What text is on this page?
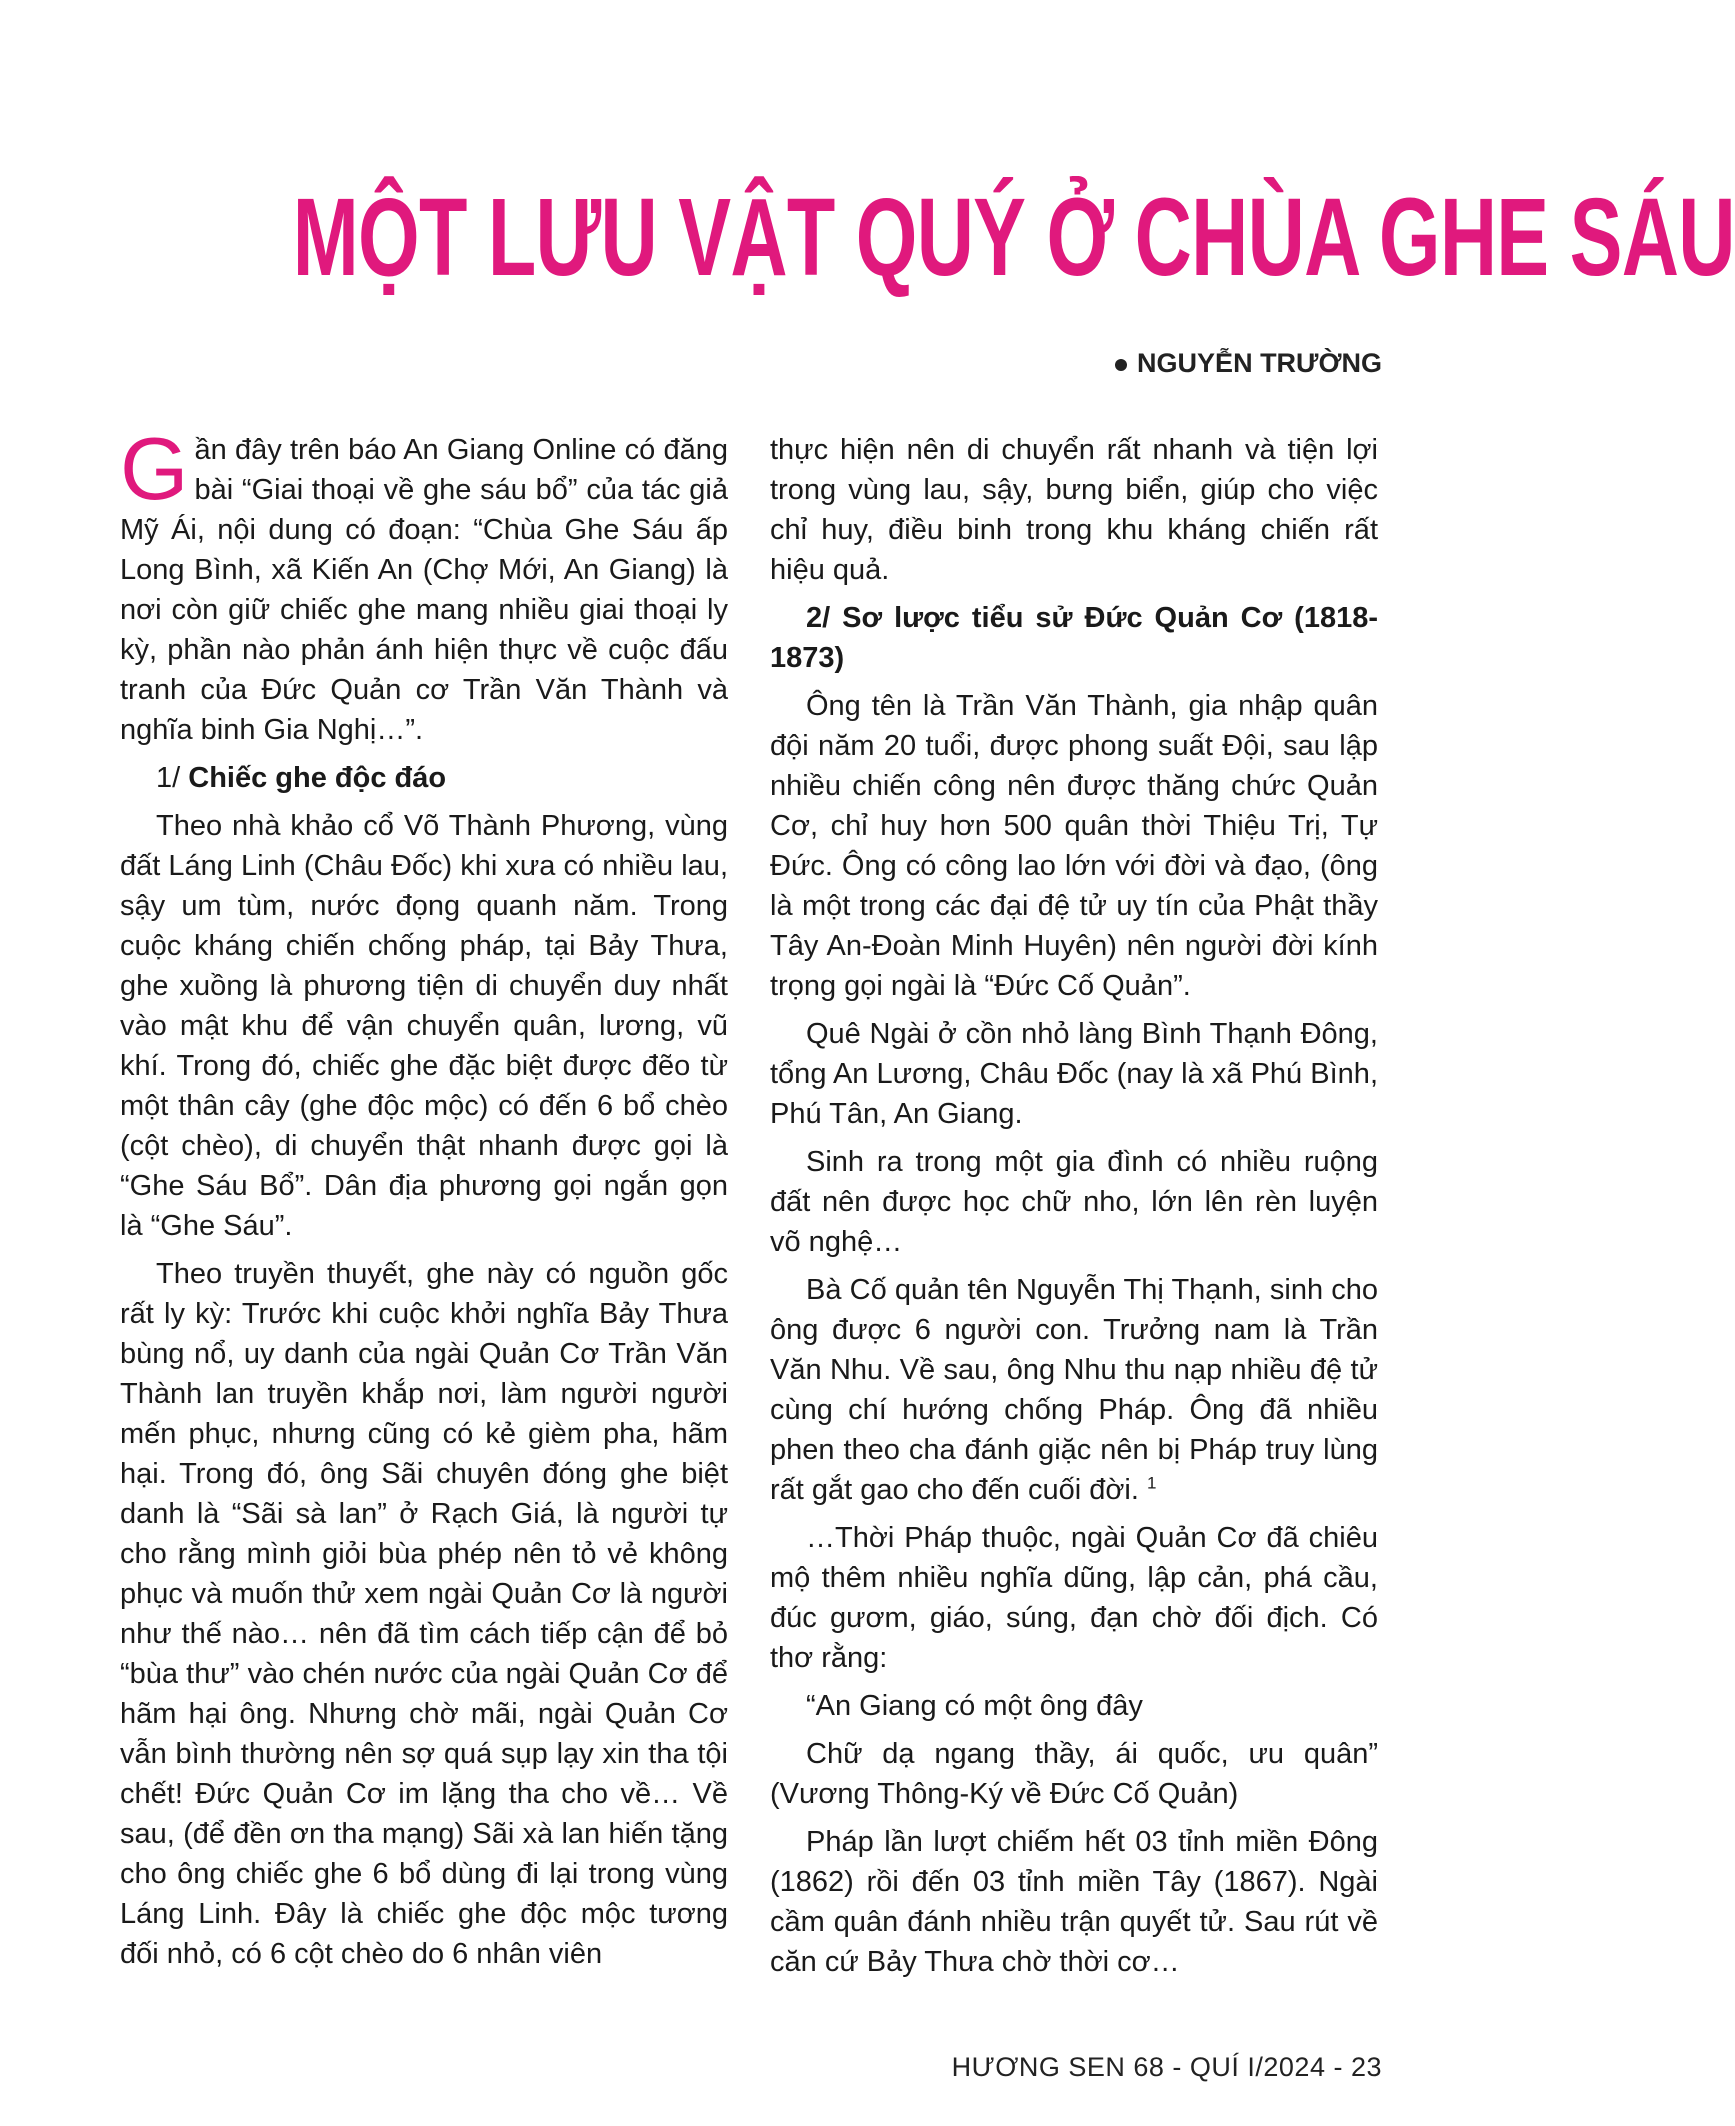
MỘT LƯU VẬT QUÝ Ở CHÙA GHE SÁU
NGUYỄN TRƯỜNG

Gần đây trên báo An Giang Online có đăng bài “Giai thoại về ghe sáu bổ” của tác giả Mỹ Ái, nội dung có đoạn: “Chùa Ghe Sáu ấp Long Bình, xã Kiến An (Chợ Mới, An Giang) là nơi còn giữ chiếc ghe mang nhiều giai thoại ly kỳ, phần nào phản ánh hiện thực về cuộc đấu tranh của Đức Quản cơ Trần Văn Thành và nghĩa binh Gia Nghị…”.

1/ Chiếc ghe độc đáo

Theo nhà khảo cổ Võ Thành Phương, vùng đất Láng Linh (Châu Đốc) khi xưa có nhiều lau, sậy um tùm, nước đọng quanh năm. Trong cuộc kháng chiến chống pháp, tại Bảy Thưa, ghe xuồng là phương tiện di chuyển duy nhất vào mật khu để vận chuyển quân, lương, vũ khí. Trong đó, chiếc ghe đặc biệt được đẽo từ một thân cây (ghe độc mộc) có đến 6 bổ chèo (cột chèo), di chuyển thật nhanh được gọi là “Ghe Sáu Bổ”. Dân địa phương gọi ngắn gọn là “Ghe Sáu”.

Theo truyền thuyết, ghe này có nguồn gốc rất ly kỳ: Trước khi cuộc khởi nghĩa Bảy Thưa bùng nổ, uy danh của ngài Quản Cơ Trần Văn Thành lan truyền khắp nơi, làm người người mến phục, nhưng cũng có kẻ gièm pha, hãm hại. Trong đó, ông Sãi chuyên đóng ghe biệt danh là “Sãi sà lan” ở Rạch Giá, là người tự cho rằng mình giỏi bùa phép nên tỏ vẻ không phục và muốn thử xem ngài Quản Cơ là người như thế nào… nên đã tìm cách tiếp cận để bỏ “bùa thư” vào chén nước của ngài Quản Cơ để hãm hại ông. Nhưng chờ mãi, ngài Quản Cơ vẫn bình thường nên sợ quá sụp lạy xin tha tội chết! Đức Quản Cơ im lặng tha cho về… Về sau, (để đền ơn tha mạng) Sãi xà lan hiến tặng cho ông chiếc ghe 6 bổ dùng đi lại trong vùng Láng Linh. Đây là chiếc ghe độc mộc tương đối nhỏ, có 6 cột chèo do 6 nhân viên

thực hiện nên di chuyển rất nhanh và tiện lợi trong vùng lau, sậy, bưng biển, giúp cho việc chỉ huy, điều binh trong khu kháng chiến rất hiệu quả.

2/ Sơ lược tiểu sử Đức Quản Cơ (1818-1873)

Ông tên là Trần Văn Thành, gia nhập quân đội năm 20 tuổi, được phong suất Đội, sau lập nhiều chiến công nên được thăng chức Quản Cơ, chỉ huy hơn 500 quân thời Thiệu Trị, Tự Đức. Ông có công lao lớn với đời và đạo, (ông là một trong các đại đệ tử uy tín của Phật thầy Tây An-Đoàn Minh Huyên) nên người đời kính trọng gọi ngài là “Đức Cố Quản”.

Quê Ngài ở cồn nhỏ làng Bình Thạnh Đông, tổng An Lương, Châu Đốc (nay là xã Phú Bình, Phú Tân, An Giang.

Sinh ra trong một gia đình có nhiều ruộng đất nên được học chữ nho, lớn lên rèn luyện võ nghệ…

Bà Cố quản tên Nguyễn Thị Thạnh, sinh cho ông được 6 người con. Trưởng nam là Trần Văn Nhu. Về sau, ông Nhu thu nạp nhiều đệ tử cùng chí hướng chống Pháp. Ông đã nhiều phen theo cha đánh giặc nên bị Pháp truy lùng rất gắt gao cho đến cuối đời. $^1$

…Thời Pháp thuộc, ngài Quản Cơ đã chiêu mộ thêm nhiều nghĩa dũng, lập cản, phá cầu, đúc gươm, giáo, súng, đạn chờ đối địch. Có thơ rằng:

“An Giang có một ông đây

Chữ dạ ngang thầy, ái quốc, ưu quân” (Vương Thông-Ký về Đức Cố Quản)

Pháp lần lượt chiếm hết 03 tỉnh miền Đông (1862) rồi đến 03 tỉnh miền Tây (1867). Ngài cầm quân đánh nhiều trận quyết tử. Sau rút về căn cứ Bảy Thưa chờ thời cơ…

HƯƠNG SEN 68 - QUÍ I/2024 - 23
